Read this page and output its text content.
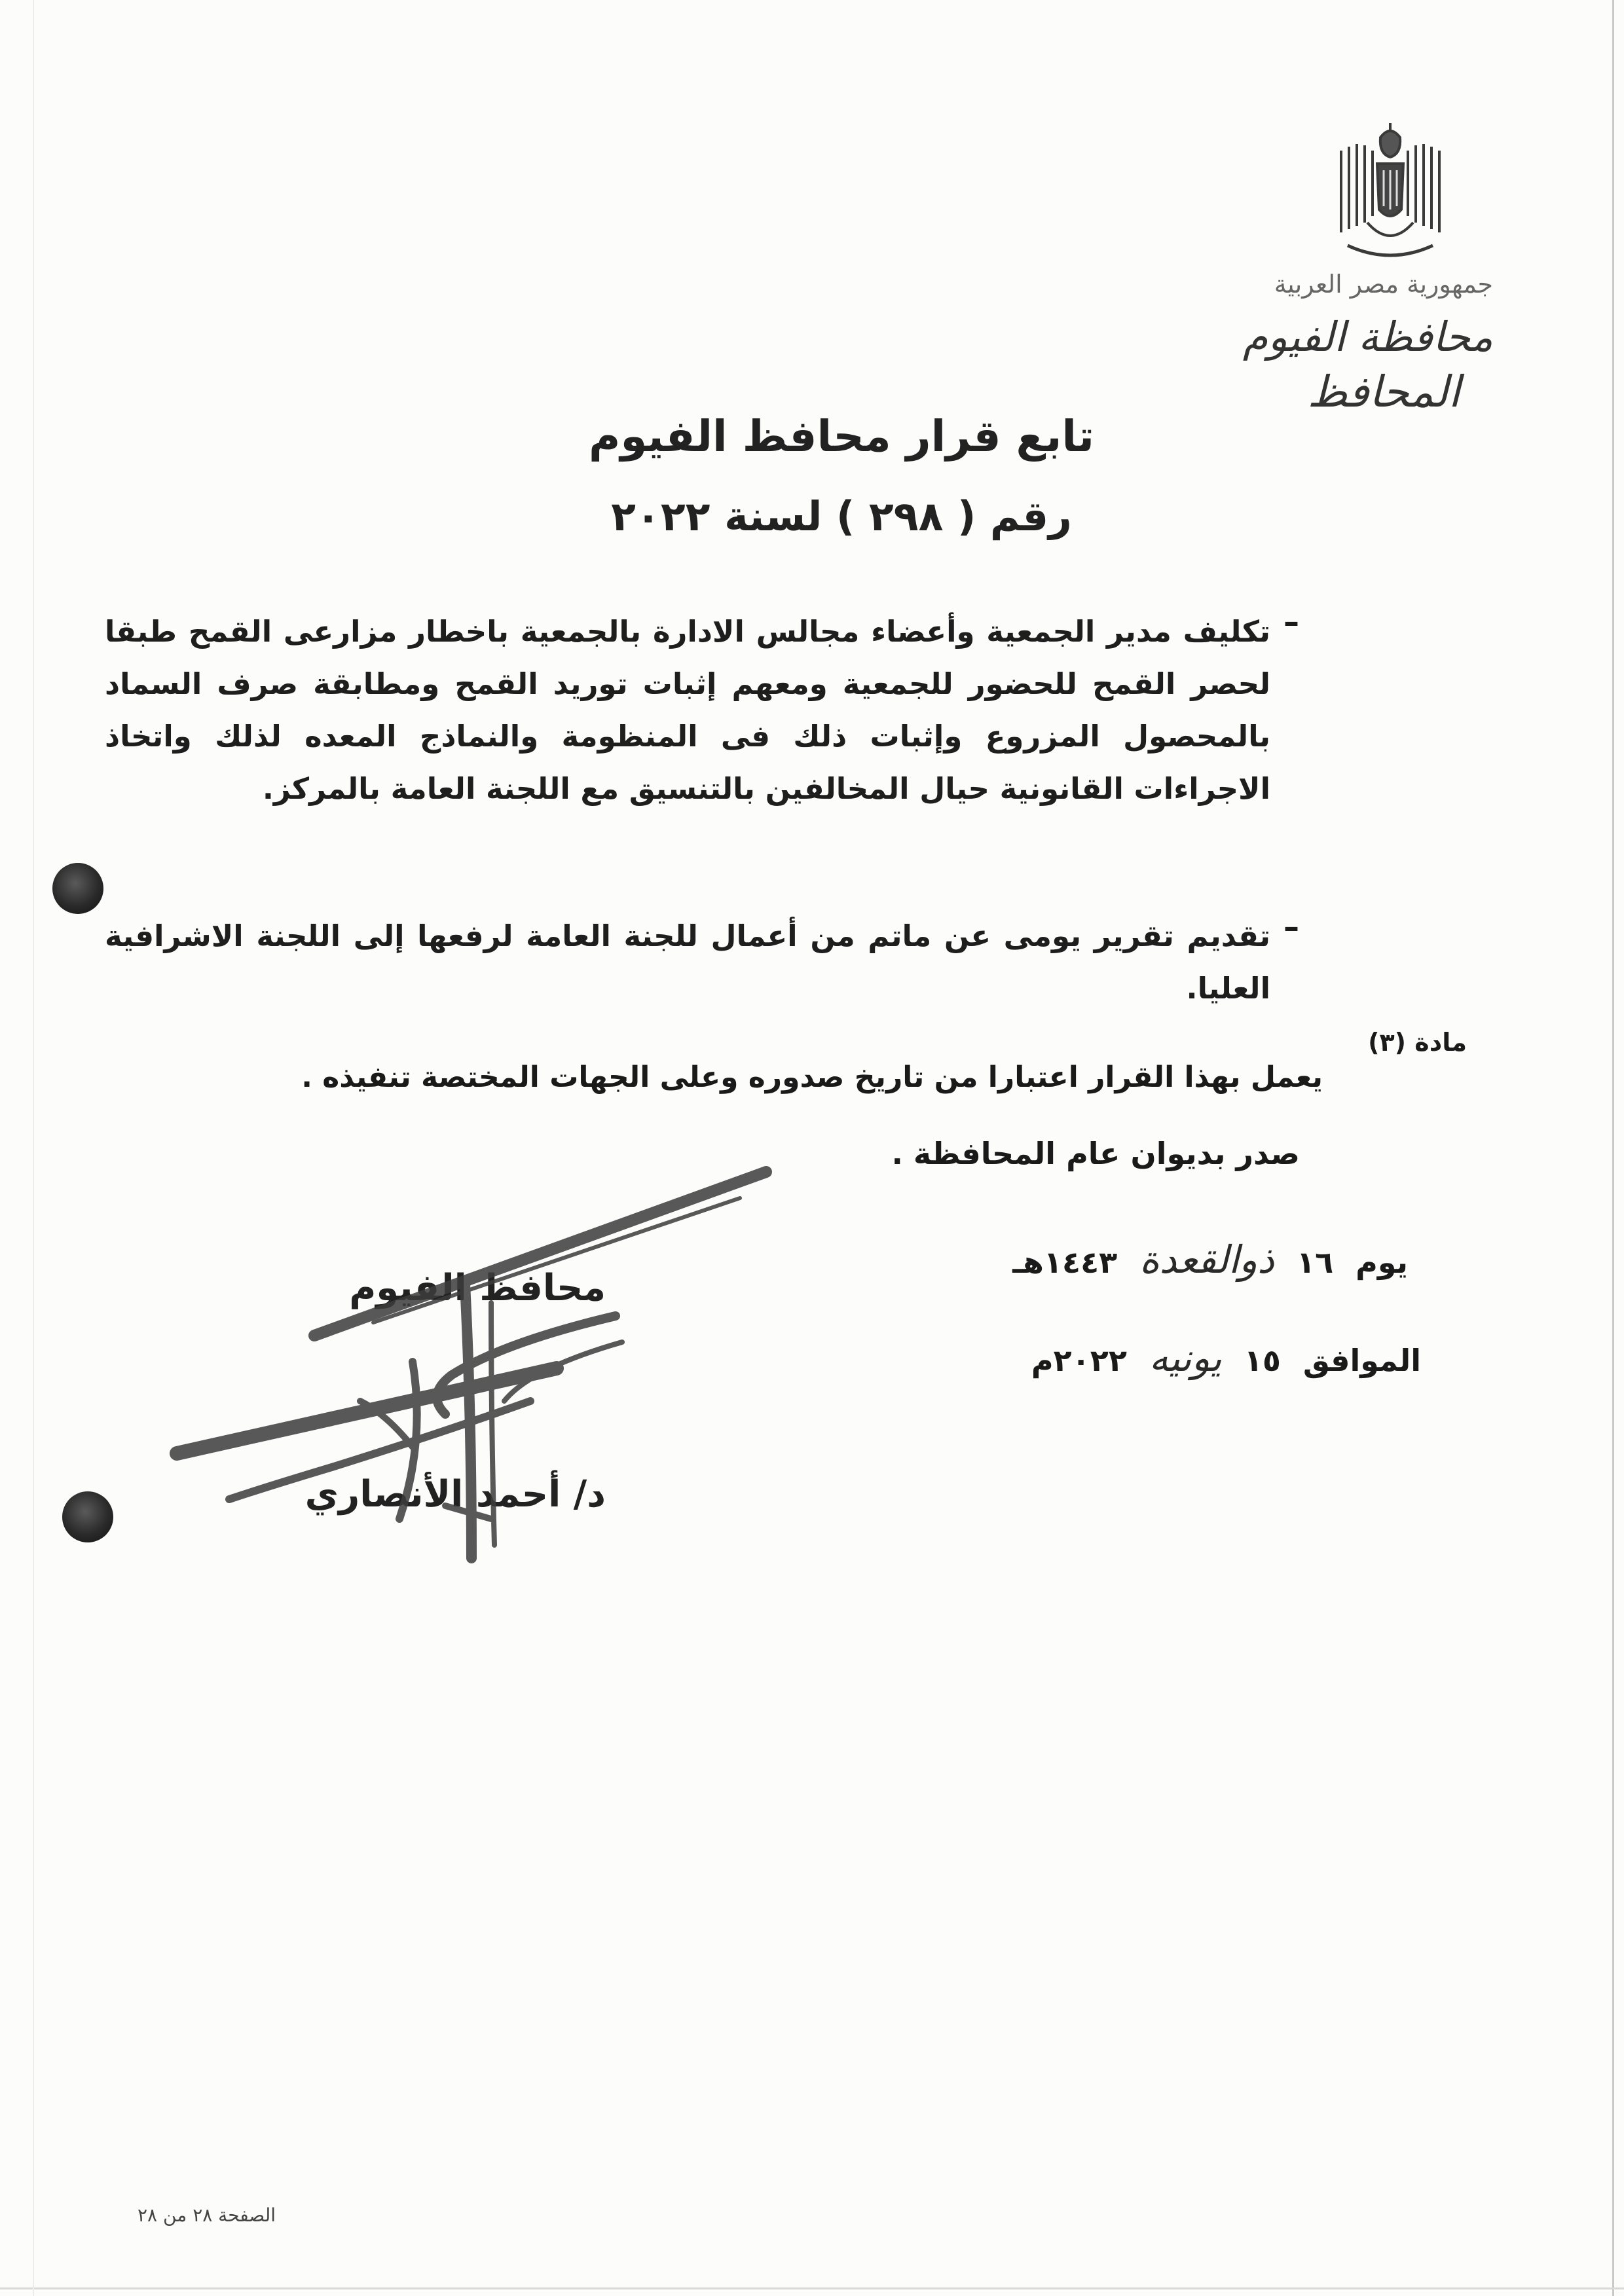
جمهورية مصر العربية
محافظة الفيوم
المحافظ
تابع قرار محافظ الفيوم
رقم ( ٢٩٨ ) لسنة ٢٠٢٢
–
تكليف مدير الجمعية وأعضاء مجالس الادارة بالجمعية باخطار مزارعى القمح طبقا لحصر القمح للحضور للجمعية ومعهم إثبات توريد القمح ومطابقة صرف السماد بالمحصول المزروع وإثبات ذلك فى المنظومة والنماذج المعده لذلك واتخاذ الاجراءات القانونية حيال المخالفين بالتنسيق مع اللجنة العامة بالمركز.
–
تقديم تقرير يومى عن ماتم من أعمال للجنة العامة لرفعها إلى اللجنة الاشرافية العليا.
مادة (٣)
يعمل بهذا القرار اعتبارا من تاريخ صدوره وعلى الجهات المختصة تنفيذه .
صدر بديوان عام المحافظة .
يوم
١٦
ذوالقعدة
١٤٤٣هـ
الموافق
١٥
يونيه
٢٠٢٢م
محافظ الفيوم
د/ أحمد الأنصاري
الصفحة ٢٨ من ٢٨
